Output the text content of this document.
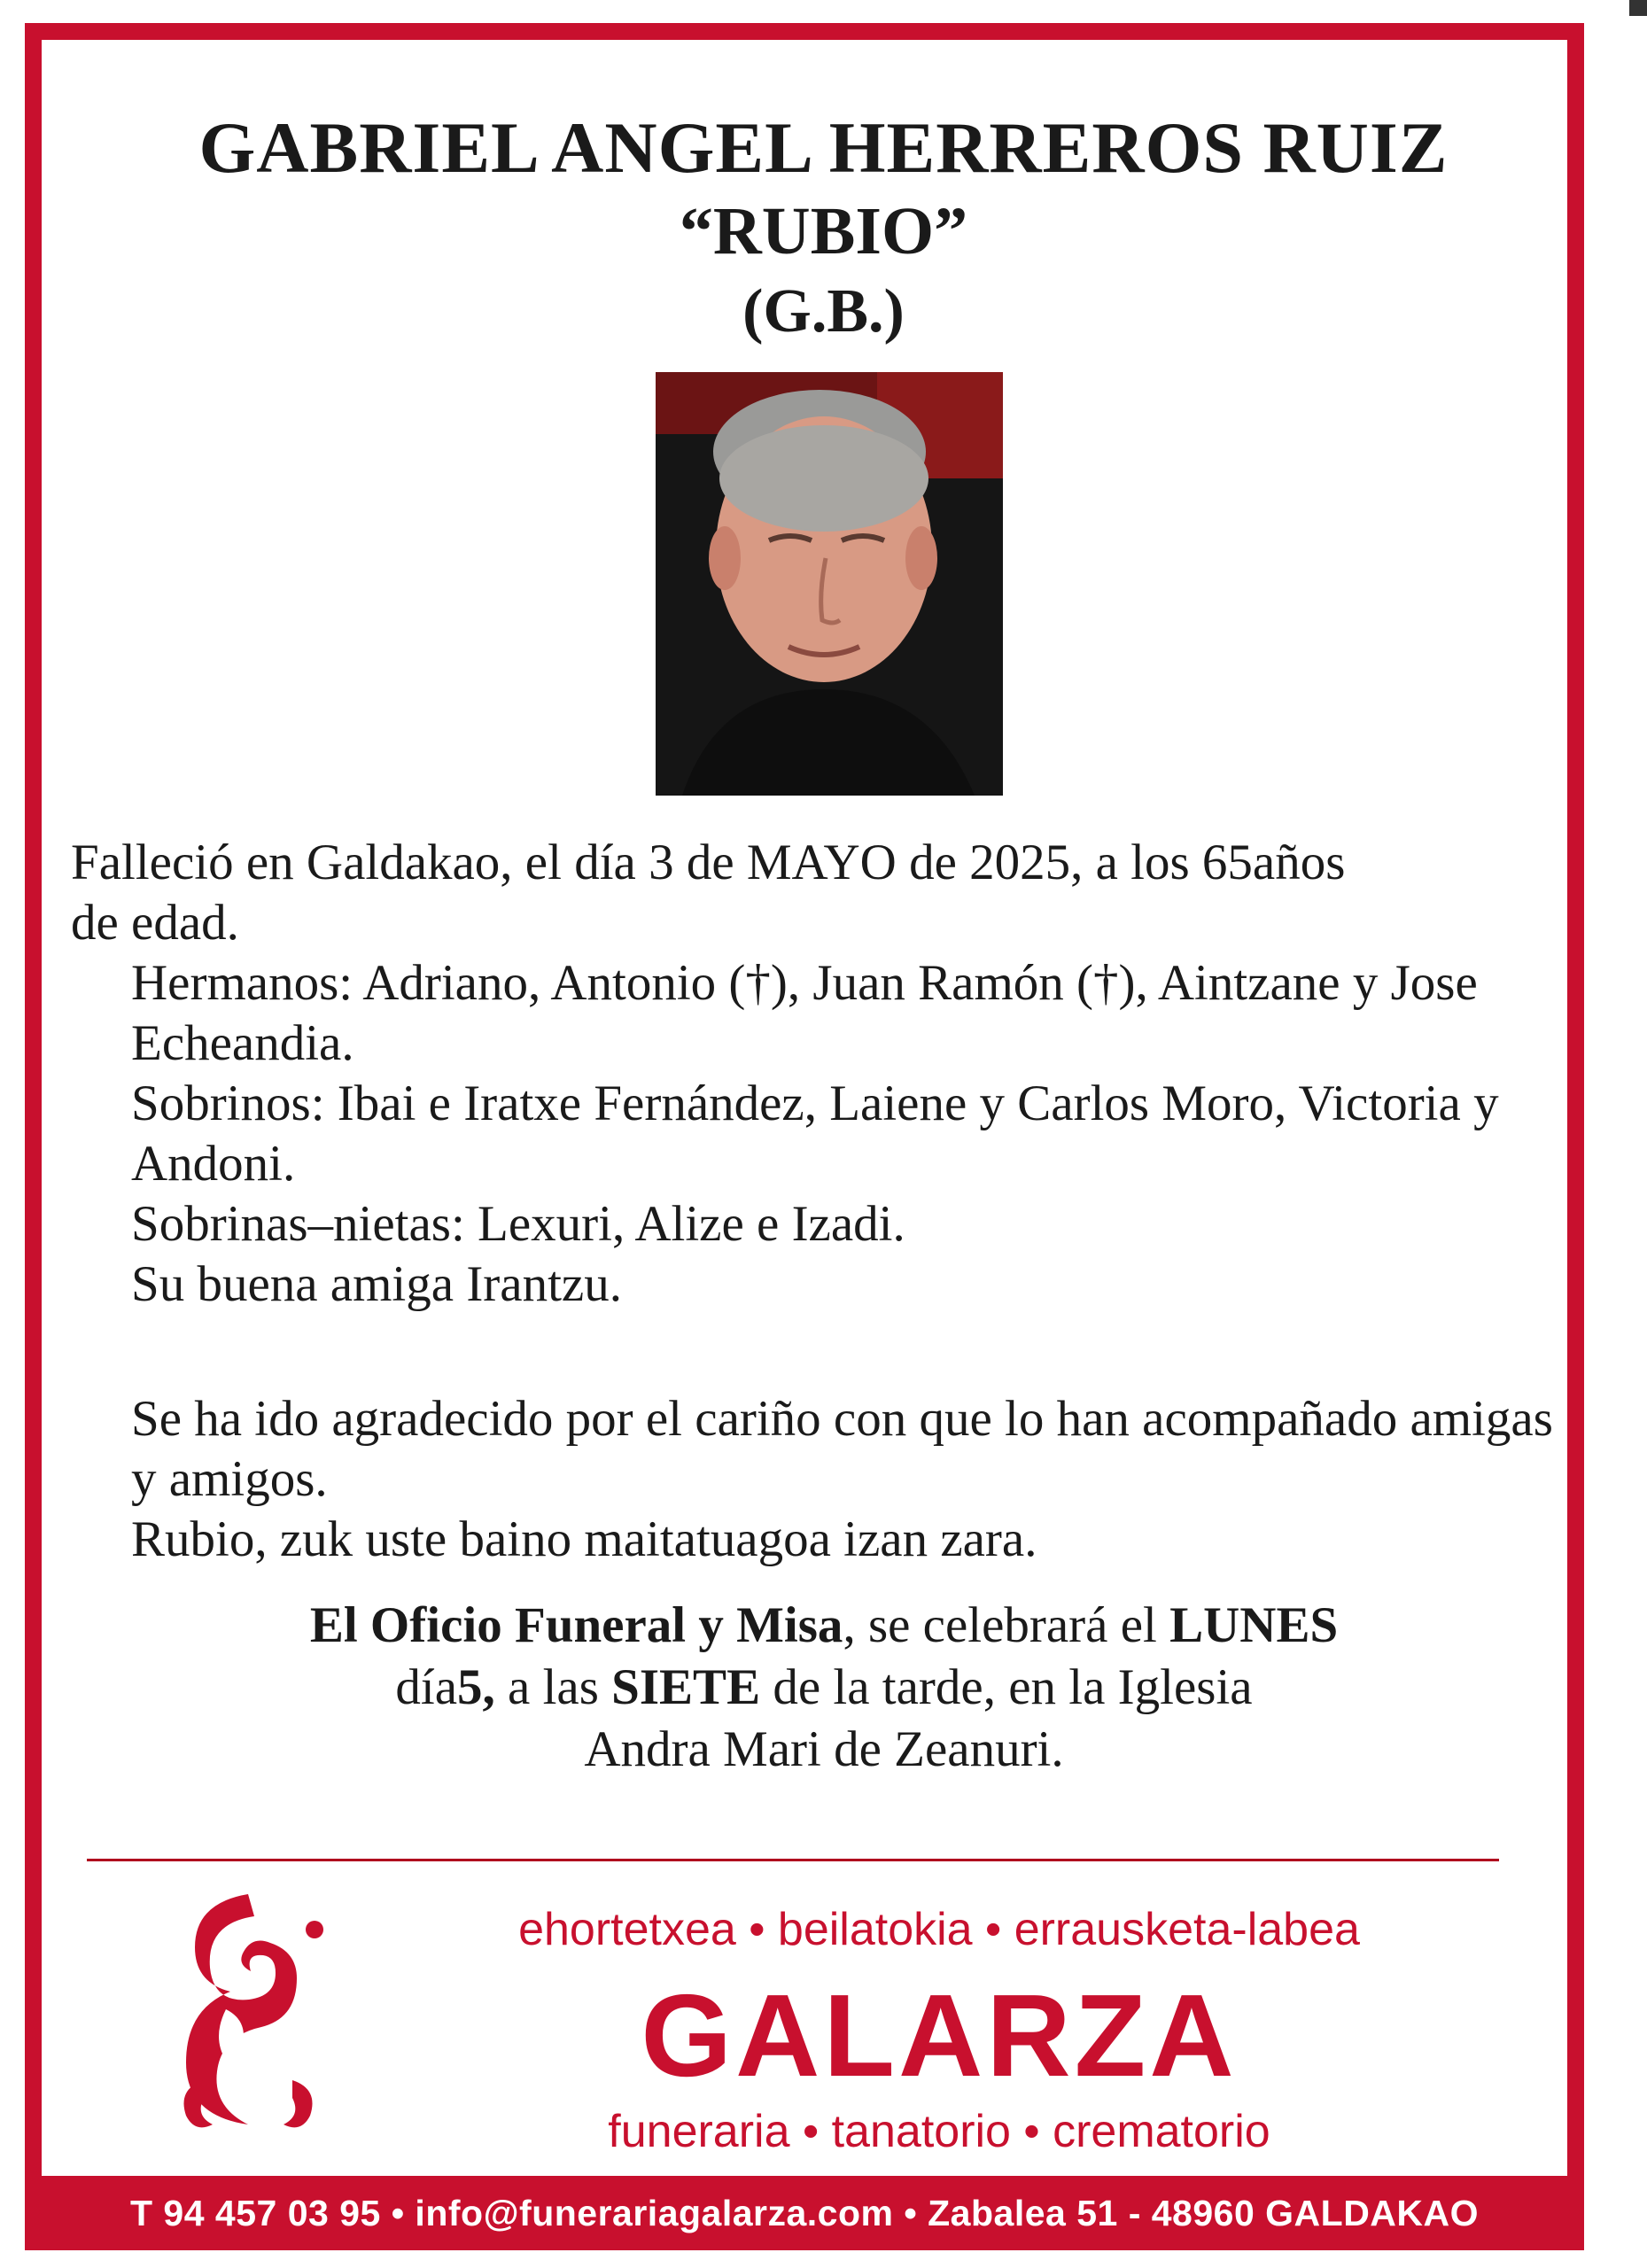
GABRIEL ANGEL HERREROS RUIZ
“RUBIO”
(G.B.)
Falleció en Galdakao, el día 3 de MAYO de 2025, a los 65años
de edad.

Hermanos: Adriano, Antonio (†), Juan Ramón (†), Aintzane y Jose Echeandia.

Sobrinos: Ibai e Iratxe Fernández, Laiene y Carlos Moro, Victoria y Andoni.

Sobrinas–nietas: Lexuri, Alize e Izadi.

Su buena amiga Irantzu.

Se ha ido agradecido por el cariño con que lo han acompañado amigas y amigos.

Rubio, zuk uste baino maitatuagoa izan zara.

El Oficio Funeral y Misa, se celebrará el LUNES

día5, a las SIETE de la tarde, en la Iglesia

Andra Mari de Zeanuri.

ehortetxea • beilatokia • errausketa-labea
GALARZA
funeraria • tanatorio • crematorio
T 94 457 03 95 • info@funerariagalarza.com • Zabalea 51 - 48960 GALDAKAO
